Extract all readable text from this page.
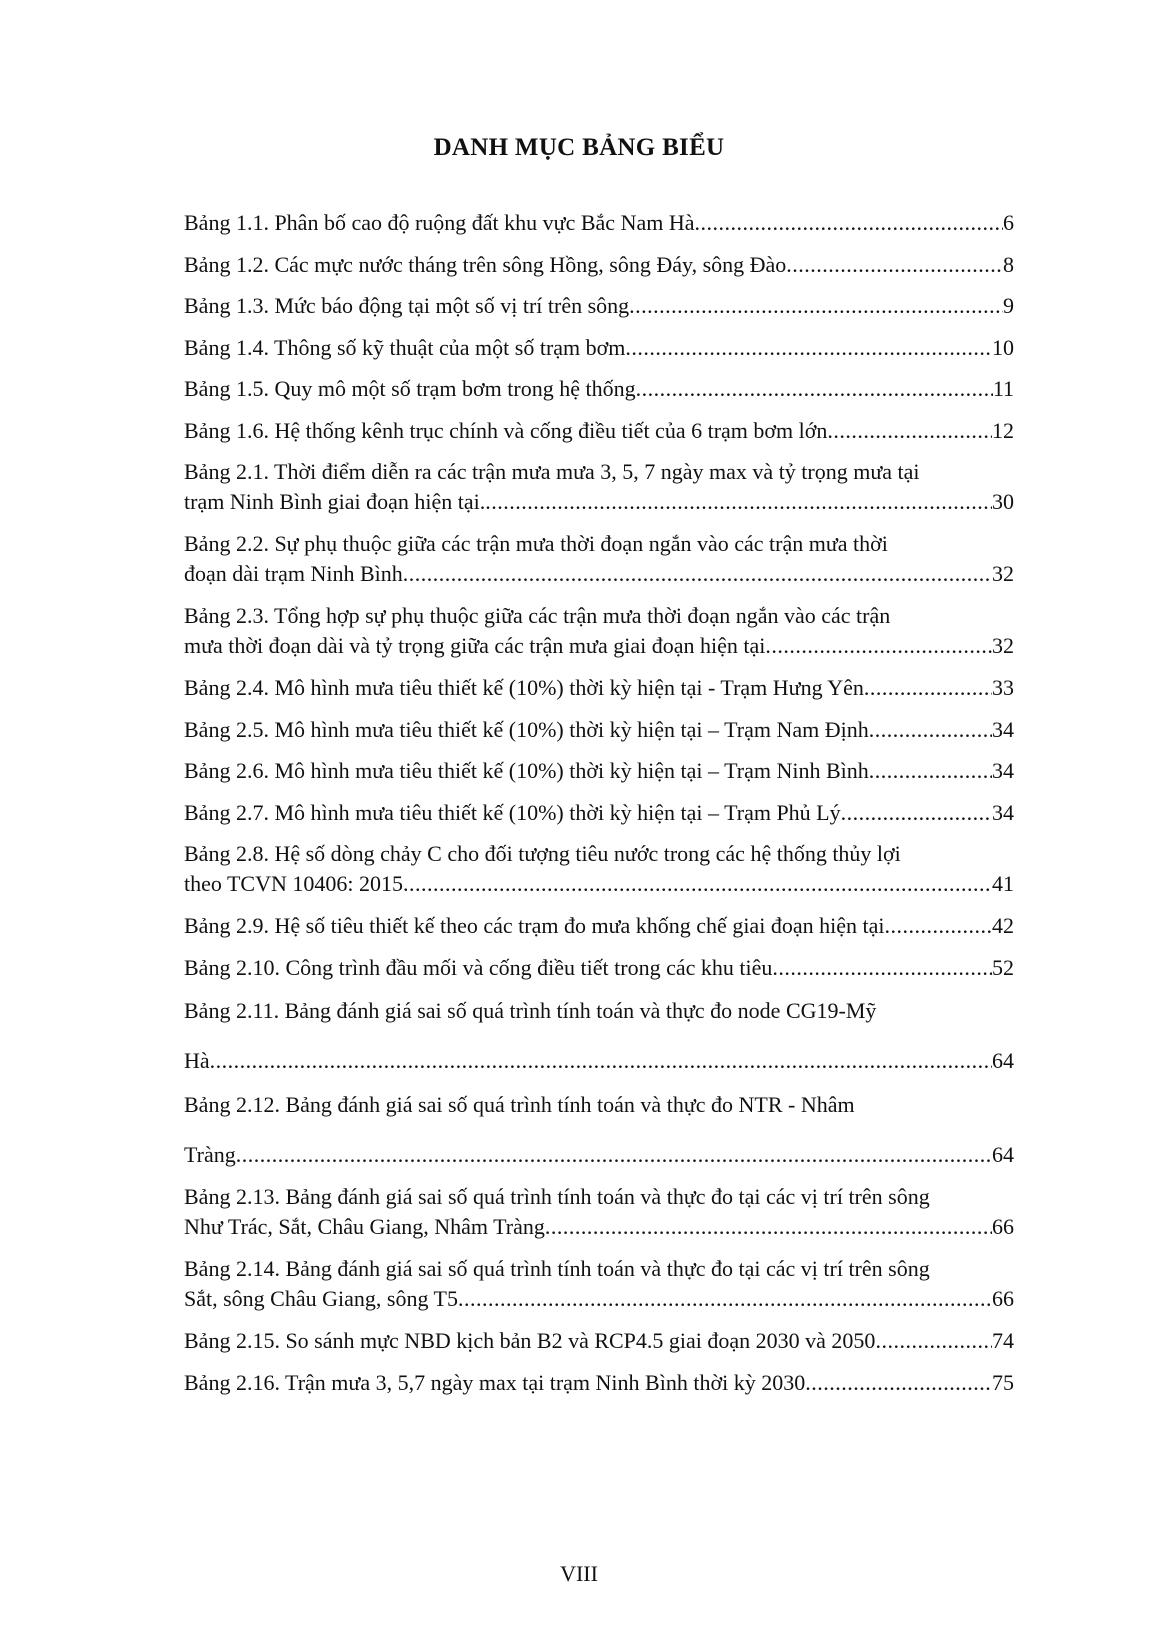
DANH MỤC BẢNG BIỂU
Bảng 1.1. Phân bố cao độ ruộng đất khu vực Bắc Nam Hà .....	6
Bảng 1.2. Các mực nước tháng trên sông Hồng, sông Đáy, sông Đào .....	8
Bảng 1.3. Mức báo động tại một số vị trí trên sông .....	9
Bảng 1.4. Thông số kỹ thuật của một số trạm bơm .....	10
Bảng 1.5. Quy mô một số trạm bơm trong hệ thống .....	11
Bảng 1.6. Hệ thống kênh trục chính và cống điều tiết của 6 trạm bơm lớn .....	12
Bảng 2.1. Thời điểm diễn ra các trận mưa mưa 3, 5, 7 ngày max và tỷ trọng mưa tại
trạm Ninh Bình giai đoạn hiện tại. .....	30
Bảng 2.2. Sự phụ thuộc giữa các trận mưa thời đoạn ngắn vào các trận mưa thời
đoạn dài trạm Ninh Bình .....	32
Bảng 2.3. Tổng hợp sự phụ thuộc giữa các trận mưa thời đoạn ngắn vào các trận
mưa thời đoạn dài và tỷ trọng giữa các trận mưa giai đoạn hiện tại .....	32
Bảng 2.4. Mô hình mưa tiêu thiết kế (10%) thời kỳ hiện tại - Trạm Hưng Yên .....	33
Bảng 2.5. Mô hình mưa tiêu thiết kế (10%) thời kỳ hiện tại – Trạm Nam Định .....	34
Bảng 2.6. Mô hình mưa tiêu thiết kế (10%) thời kỳ hiện tại – Trạm Ninh Bình .....	34
Bảng 2.7. Mô hình mưa tiêu thiết kế (10%) thời kỳ hiện tại – Trạm Phủ Lý .....	34
Bảng 2.8. Hệ số dòng chảy C cho đối tượng tiêu nước trong các hệ thống thủy lợi
theo TCVN 10406: 2015 .....	41
Bảng 2.9. Hệ số tiêu thiết kế theo các trạm đo mưa khống chế giai đoạn hiện tại .....	42
Bảng 2.10. Công trình đầu mối và cống điều tiết trong các khu tiêu .....	52
Bảng 2.11. Bảng đánh giá sai số quá trình tính toán và thực đo node CG19-Mỹ
Hà .....	64
Bảng 2.12. Bảng đánh giá sai số quá trình tính toán và thực đo NTR - Nhâm
Tràng .....	64
Bảng 2.13. Bảng đánh giá sai số quá trình tính toán và thực đo tại các vị trí trên sông
Như Trác, Sắt, Châu Giang, Nhâm Tràng .....	66
Bảng 2.14. Bảng đánh giá sai số quá trình tính toán và thực đo tại các vị trí trên sông
Sắt, sông Châu Giang, sông T5 .....	66
Bảng 2.15. So sánh mực NBD kịch bản B2 và RCP4.5 giai đoạn 2030 và 2050 .....	74
Bảng 2.16. Trận mưa 3, 5,7 ngày max tại trạm Ninh Bình thời kỳ 2030 .....	75
VIII
